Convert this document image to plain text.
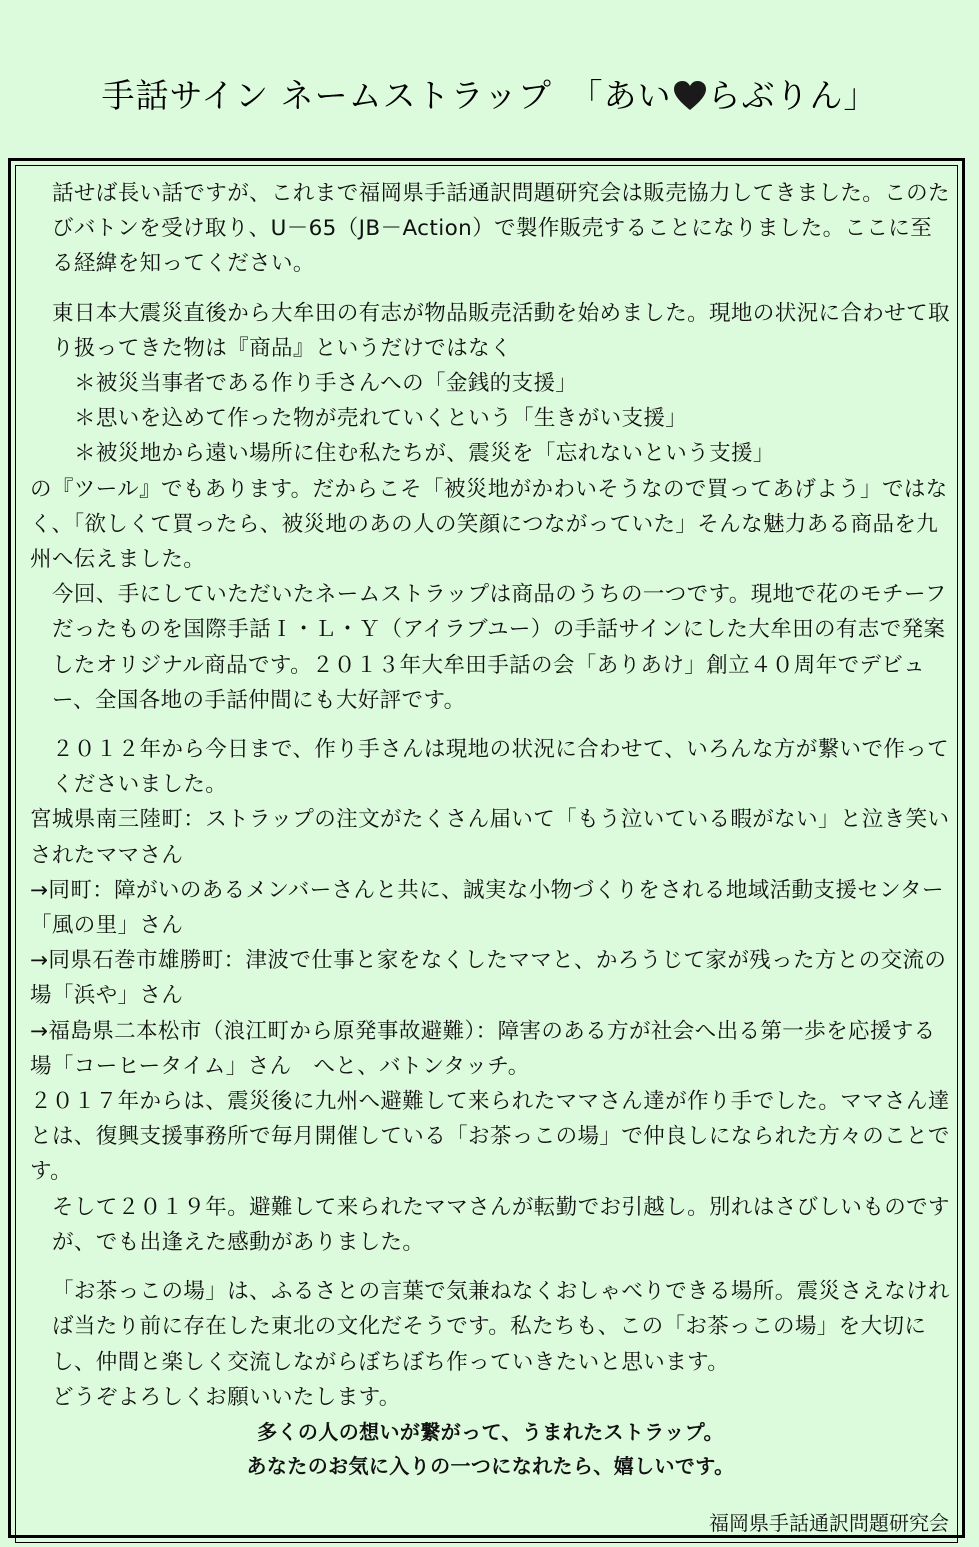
手話サイン ネームストラップ　「あい らぶりん」

話せば長い話ですが、これまで福岡県手話通訳問題研究会は販売協力してきました。このたびバトンを受け取り、U－65（JB－Action）で製作販売することになりました。ここに至る経緯を知ってください。

東日本大震災直後から大牟田の有志が物品販売活動を始めました。現地の状況に合わせて取り扱ってきた物は『商品』というだけではなく

＊被災当事者である作り手さんへの「金銭的支援」

＊思いを込めて作った物が売れていくという「生きがい支援」

＊被災地から遠い場所に住む私たちが、震災を「忘れないという支援」

の『ツール』でもあります。だからこそ「被災地がかわいそうなので買ってあげよう」ではなく、「欲しくて買ったら、被災地のあの人の笑顔につながっていた」そんな魅力ある商品を九州へ伝えました。

今回、手にしていただいたネームストラップは商品のうちの一つです。現地で花のモチーフだったものを国際手話Ｉ・Ｌ・Ｙ（アイラブユー）の手話サインにした大牟田の有志で発案したオリジナル商品です。２０１３年大牟田手話の会「ありあけ」創立４０周年でデビュー、全国各地の手話仲間にも大好評です。

２０１２年から今日まで、作り手さんは現地の状況に合わせて、いろんな方が繋いで作ってくださいました。

宮城県南三陸町：ストラップの注文がたくさん届いて「もう泣いている暇がない」と泣き笑いされたママさん

→同町：障がいのあるメンバーさんと共に、誠実な小物づくりをされる地域活動支援センター「風の里」さん

→同県石巻市雄勝町：津波で仕事と家をなくしたママと、かろうじて家が残った方との交流の場「浜や」さん

→福島県二本松市（浪江町から原発事故避難）：障害のある方が社会へ出る第一歩を応援する場「コーヒータイム」さん　へと、バトンタッチ。

２０１７年からは、震災後に九州へ避難して来られたママさん達が作り手でした。ママさん達とは、復興支援事務所で毎月開催している「お茶っこの場」で仲良しになられた方々のことです。

そして２０１９年。避難して来られたママさんが転勤でお引越し。別れはさびしいものですが、でも出逢えた感動がありました。

「お茶っこの場」は、ふるさとの言葉で気兼ねなくおしゃべりできる場所。震災さえなければ当たり前に存在した東北の文化だそうです。私たちも、この「お茶っこの場」を大切にし、仲間と楽しく交流しながらぼちぼち作っていきたいと思います。

どうぞよろしくお願いいたします。

多くの人の想いが繋がって、うまれたストラップ。

あなたのお気に入りの一つになれたら、嬉しいです。

福岡県手話通訳問題研究会
